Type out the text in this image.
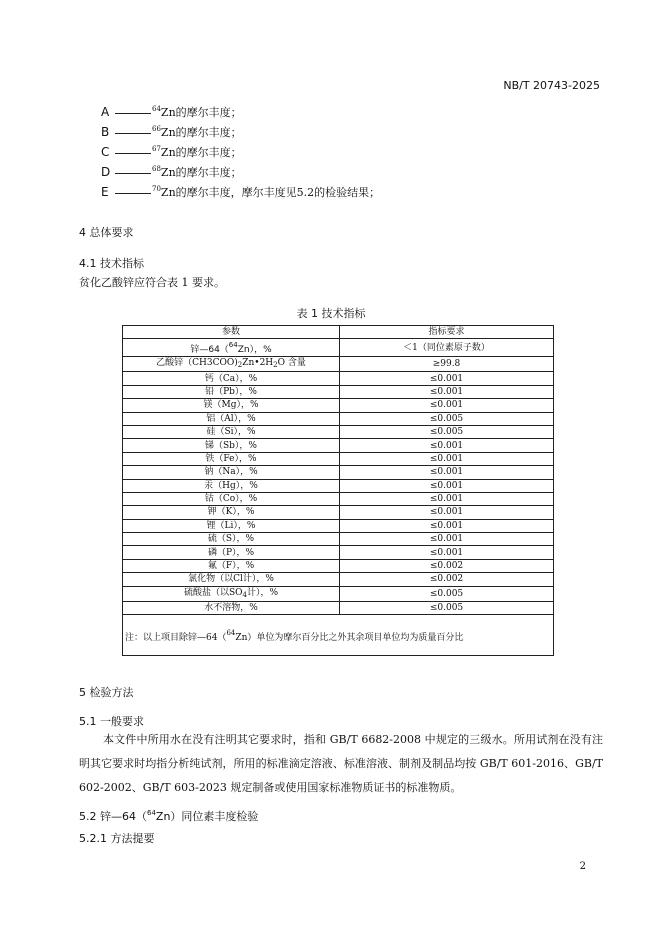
NB/T 20743-2025
A	$^{64}$Zn的摩尔丰度；
B	$^{66}$Zn的摩尔丰度；
C	$^{67}$Zn的摩尔丰度；
D	$^{68}$Zn的摩尔丰度；
E	$^{70}$Zn的摩尔丰度，摩尔丰度见5.2的检验结果；
4 总体要求
4.1 技术指标
贫化乙酸锌应符合表 1 要求。
表 1 技术指标
参数	指标要求
锌—64（$^{64}$Zn），%	＜1（同位素原子数）
乙酸锌$(CH3COO)_2Zn•2H_2O$ 含量	≥99.8
钙（Ca），%	≤0.001
铅（Pb），%	≤0.001
镁（Mg），%	≤0.001
铝（Al），%	≤0.005
硅（Si），%	≤0.005
锑（Sb），%	≤0.001
铁（Fe），%	≤0.001
钠（Na），%	≤0.001
汞（Hg），%	≤0.001
钴（Co），%	≤0.001
钾（K），%	≤0.001
锂（Li），%	≤0.001
硫（S），%	≤0.001
磷（P），%	≤0.001
氟（F），%	≤0.002
氯化物（以Cl计），%	≤0.002
硫酸盐（以$SO_4$计），%	≤0.005
水不溶物，%	≤0.005
注：以上项目除锌—64（$^{64}$Zn）单位为摩尔百分比之外其余项目单位均为质量百分比	
5 检验方法
5.1 一般要求
本文件中所用水在没有注明其它要求时，指和 GB/T 6682-2008 中规定的三级水。所用试剂在没有注明其它要求时均指分析纯试剂，所用的标准滴定溶液、标准溶液、制剂及制品均按 GB/T 601-2016、GB/T 602-2002、GB/T 603-2023 规定制备或使用国家标准物质证书的标准物质。
5.2 锌—64（$^{64}$Zn）同位素丰度检验
5.2.1 方法提要
2
